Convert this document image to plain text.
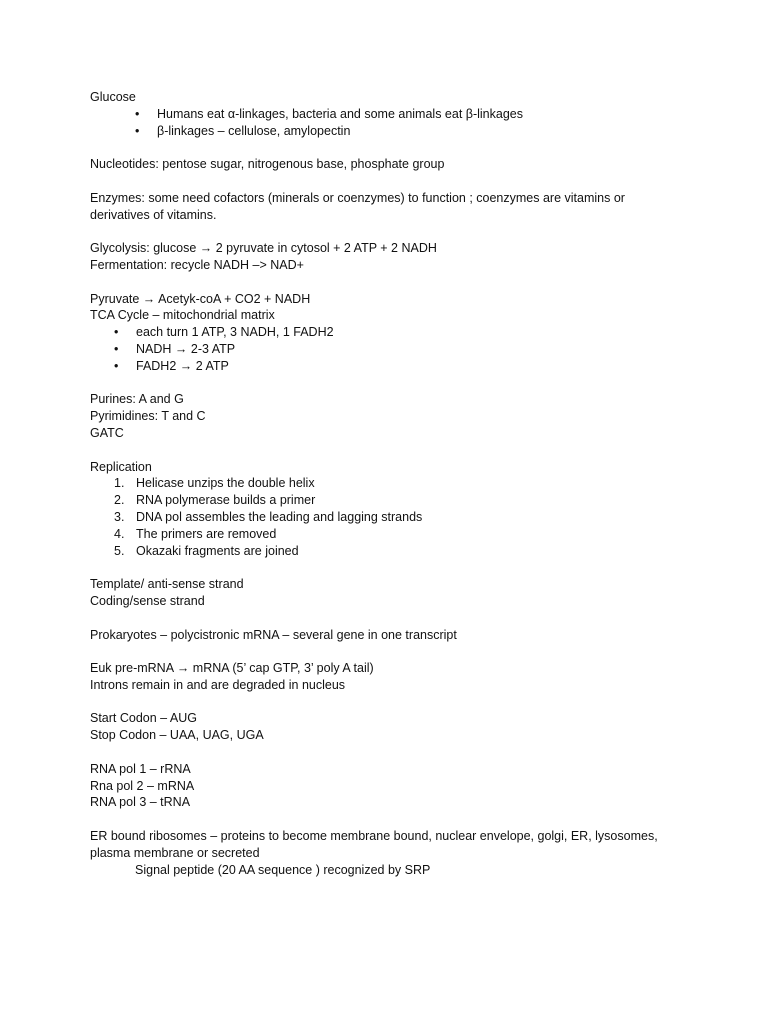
Glucose
•	Humans eat α-linkages, bacteria and some animals eat β-linkages
•	β-linkages – cellulose, amylopectin
Nucleotides: pentose sugar, nitrogenous base, phosphate group
Enzymes: some need cofactors (minerals or coenzymes) to function ; coenzymes are vitamins or
derivatives of vitamins.
Glycolysis: glucose → 2 pyruvate in cytosol + 2 ATP + 2 NADH
Fermentation: recycle NADH –> NAD+
Pyruvate → Acetyk-coA + CO2 + NADH
TCA Cycle – mitochondrial matrix
•	each turn 1 ATP, 3 NADH, 1 FADH2
•	NADH → 2-3 ATP
•	FADH2 → 2 ATP
Purines: A and G
Pyrimidines: T and C
GATC
Replication
1. Helicase unzips the double helix
2. RNA polymerase builds a primer
3. DNA pol assembles the leading and lagging strands
4. The primers are removed
5. Okazaki fragments are joined
Template/ anti-sense strand
Coding/sense strand
Prokaryotes – polycistronic mRNA – several gene in one transcript
Euk pre-mRNA → mRNA (5’ cap GTP, 3’ poly A tail)
Introns remain in and are degraded in nucleus
Start Codon – AUG
Stop Codon – UAA, UAG, UGA
RNA pol 1 – rRNA
Rna pol 2 – mRNA
RNA pol 3 – tRNA
ER bound ribosomes – proteins to become membrane bound, nuclear envelope, golgi, ER, lysosomes,
plasma membrane or secreted
Signal peptide (20 AA sequence ) recognized by SRP
